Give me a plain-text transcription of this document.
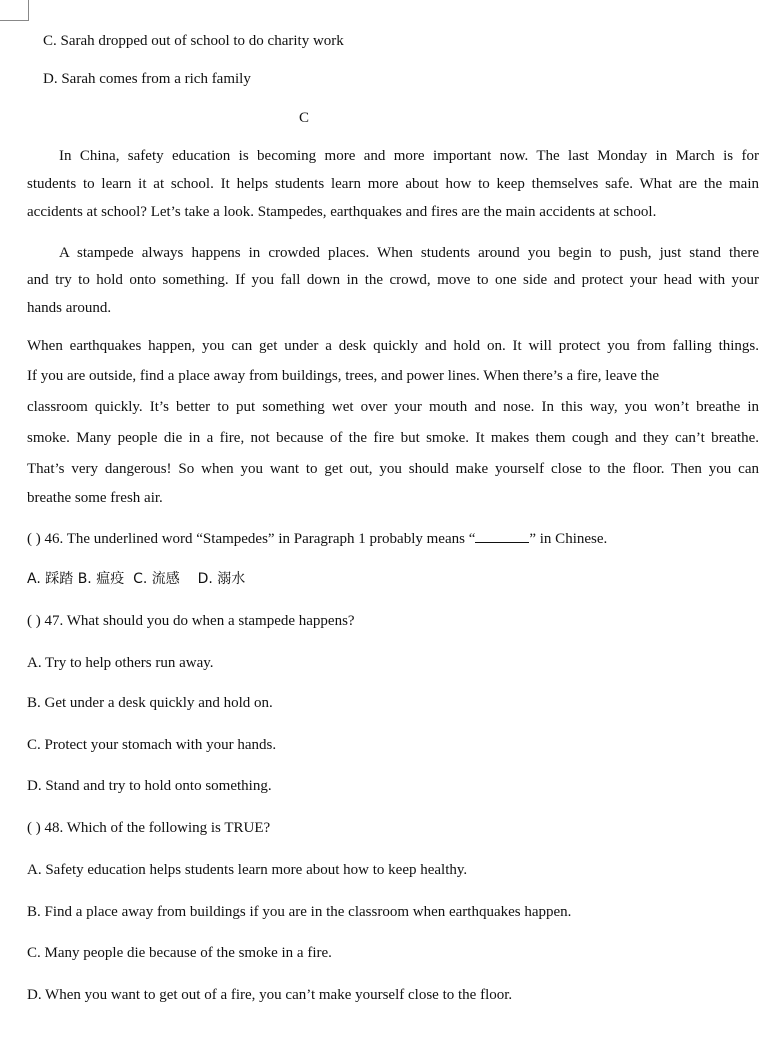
C. Sarah dropped out of school to do charity work
D. Sarah comes from a rich family
C
In China, safety education is becoming more and more important now. The last Monday in March is for
students to learn it at school. It helps students learn more about how to keep themselves safe. What are the main
accidents at school? Let’s take a look. Stampedes, earthquakes and fires are the main accidents at school.
A stampede always happens in crowded places. When students around you begin to push, just stand there
and try to hold onto something. If you fall down in the crowd, move to one side and protect your head with your
hands around.
When earthquakes happen, you can get under a desk quickly and hold on. It will protect you from falling things.
If you are outside, find a place away from buildings, trees, and power lines. When there’s a fire, leave the
classroom quickly. It’s better to put something wet over your mouth and nose. In this way, you won’t breathe in
smoke. Many people die in a fire, not because of the fire but smoke. It makes them cough and they can’t breathe.
That’s very dangerous! So when you want to get out, you should make yourself close to the floor. Then you can
breathe some fresh air.
( ) 46. The underlined word “Stampedes” in Paragraph 1 probably means “	” in Chinese.
A. 踩踏 B. 瘟疫 C. 流感 D. 溺水
( ) 47. What should you do when a stampede happens?
A. Try to help others run away.
B. Get under a desk quickly and hold on.
C. Protect your stomach with your hands.
D. Stand and try to hold onto something.
( ) 48. Which of the following is TRUE?
A. Safety education helps students learn more about how to keep healthy.
B. Find a place away from buildings if you are in the classroom when earthquakes happen.
C. Many people die because of the smoke in a fire.
D. When you want to get out of a fire, you can’t make yourself close to the floor.
